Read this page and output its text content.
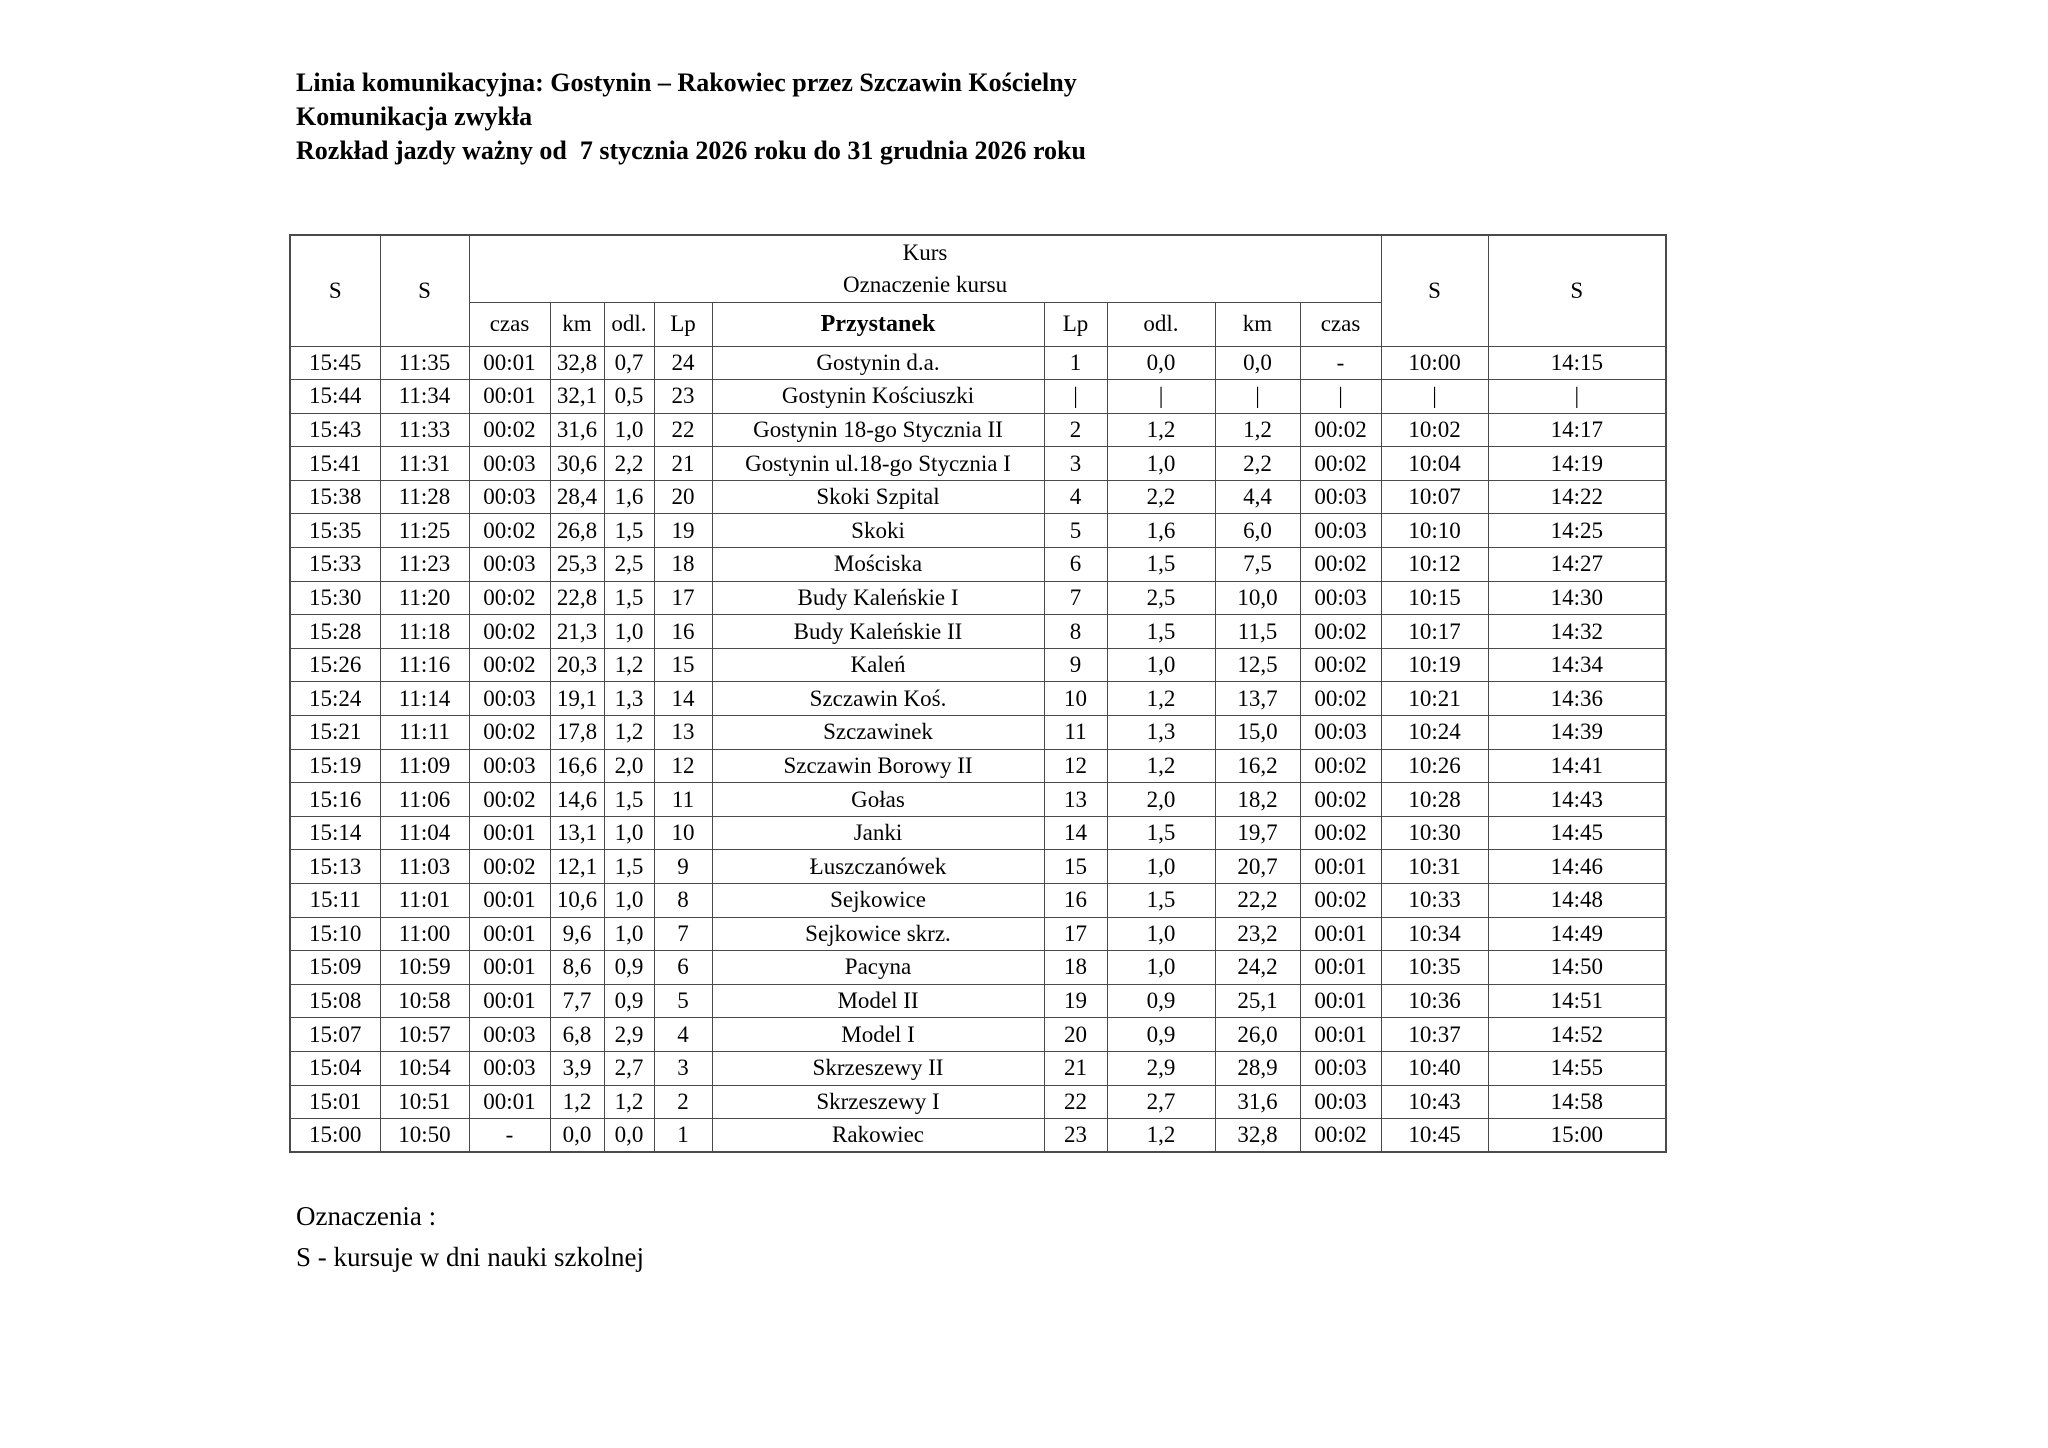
Linia komunikacyjna: Gostynin – Rakowiec przez Szczawin Kościelny
Komunikacja zwykła
Rozkład jazdy ważny od  7 stycznia 2026 roku do 31 grudnia 2026 roku
S	S	Kurs
Oznaczenie kursu									S	S
		czas	km	odl.	Lp	Przystanek	Lp	odl.	km	czas		
15:45	11:35	00:01	32,8	0,7	24	Gostynin d.a.	1	0,0	0,0	-	10:00	14:15
15:44	11:34	00:01	32,1	0,5	23	Gostynin Kościuszki	|	|	|	|	|	|
15:43	11:33	00:02	31,6	1,0	22	Gostynin 18-go Stycznia II	2	1,2	1,2	00:02	10:02	14:17
15:41	11:31	00:03	30,6	2,2	21	Gostynin ul.18-go Stycznia I	3	1,0	2,2	00:02	10:04	14:19
15:38	11:28	00:03	28,4	1,6	20	Skoki Szpital	4	2,2	4,4	00:03	10:07	14:22
15:35	11:25	00:02	26,8	1,5	19	Skoki	5	1,6	6,0	00:03	10:10	14:25
15:33	11:23	00:03	25,3	2,5	18	Mościska	6	1,5	7,5	00:02	10:12	14:27
15:30	11:20	00:02	22,8	1,5	17	Budy Kaleńskie I	7	2,5	10,0	00:03	10:15	14:30
15:28	11:18	00:02	21,3	1,0	16	Budy Kaleńskie II	8	1,5	11,5	00:02	10:17	14:32
15:26	11:16	00:02	20,3	1,2	15	Kaleń	9	1,0	12,5	00:02	10:19	14:34
15:24	11:14	00:03	19,1	1,3	14	Szczawin Koś.	10	1,2	13,7	00:02	10:21	14:36
15:21	11:11	00:02	17,8	1,2	13	Szczawinek	11	1,3	15,0	00:03	10:24	14:39
15:19	11:09	00:03	16,6	2,0	12	Szczawin Borowy II	12	1,2	16,2	00:02	10:26	14:41
15:16	11:06	00:02	14,6	1,5	11	Gołas	13	2,0	18,2	00:02	10:28	14:43
15:14	11:04	00:01	13,1	1,0	10	Janki	14	1,5	19,7	00:02	10:30	14:45
15:13	11:03	00:02	12,1	1,5	9	Łuszczanówek	15	1,0	20,7	00:01	10:31	14:46
15:11	11:01	00:01	10,6	1,0	8	Sejkowice	16	1,5	22,2	00:02	10:33	14:48
15:10	11:00	00:01	9,6	1,0	7	Sejkowice skrz.	17	1,0	23,2	00:01	10:34	14:49
15:09	10:59	00:01	8,6	0,9	6	Pacyna	18	1,0	24,2	00:01	10:35	14:50
15:08	10:58	00:01	7,7	0,9	5	Model II	19	0,9	25,1	00:01	10:36	14:51
15:07	10:57	00:03	6,8	2,9	4	Model I	20	0,9	26,0	00:01	10:37	14:52
15:04	10:54	00:03	3,9	2,7	3	Skrzeszewy II	21	2,9	28,9	00:03	10:40	14:55
15:01	10:51	00:01	1,2	1,2	2	Skrzeszewy I	22	2,7	31,6	00:03	10:43	14:58
15:00	10:50	-	0,0	0,0	1	Rakowiec	23	1,2	32,8	00:02	10:45	15:00
Oznaczenia :
S - kursuje w dni nauki szkolnej
